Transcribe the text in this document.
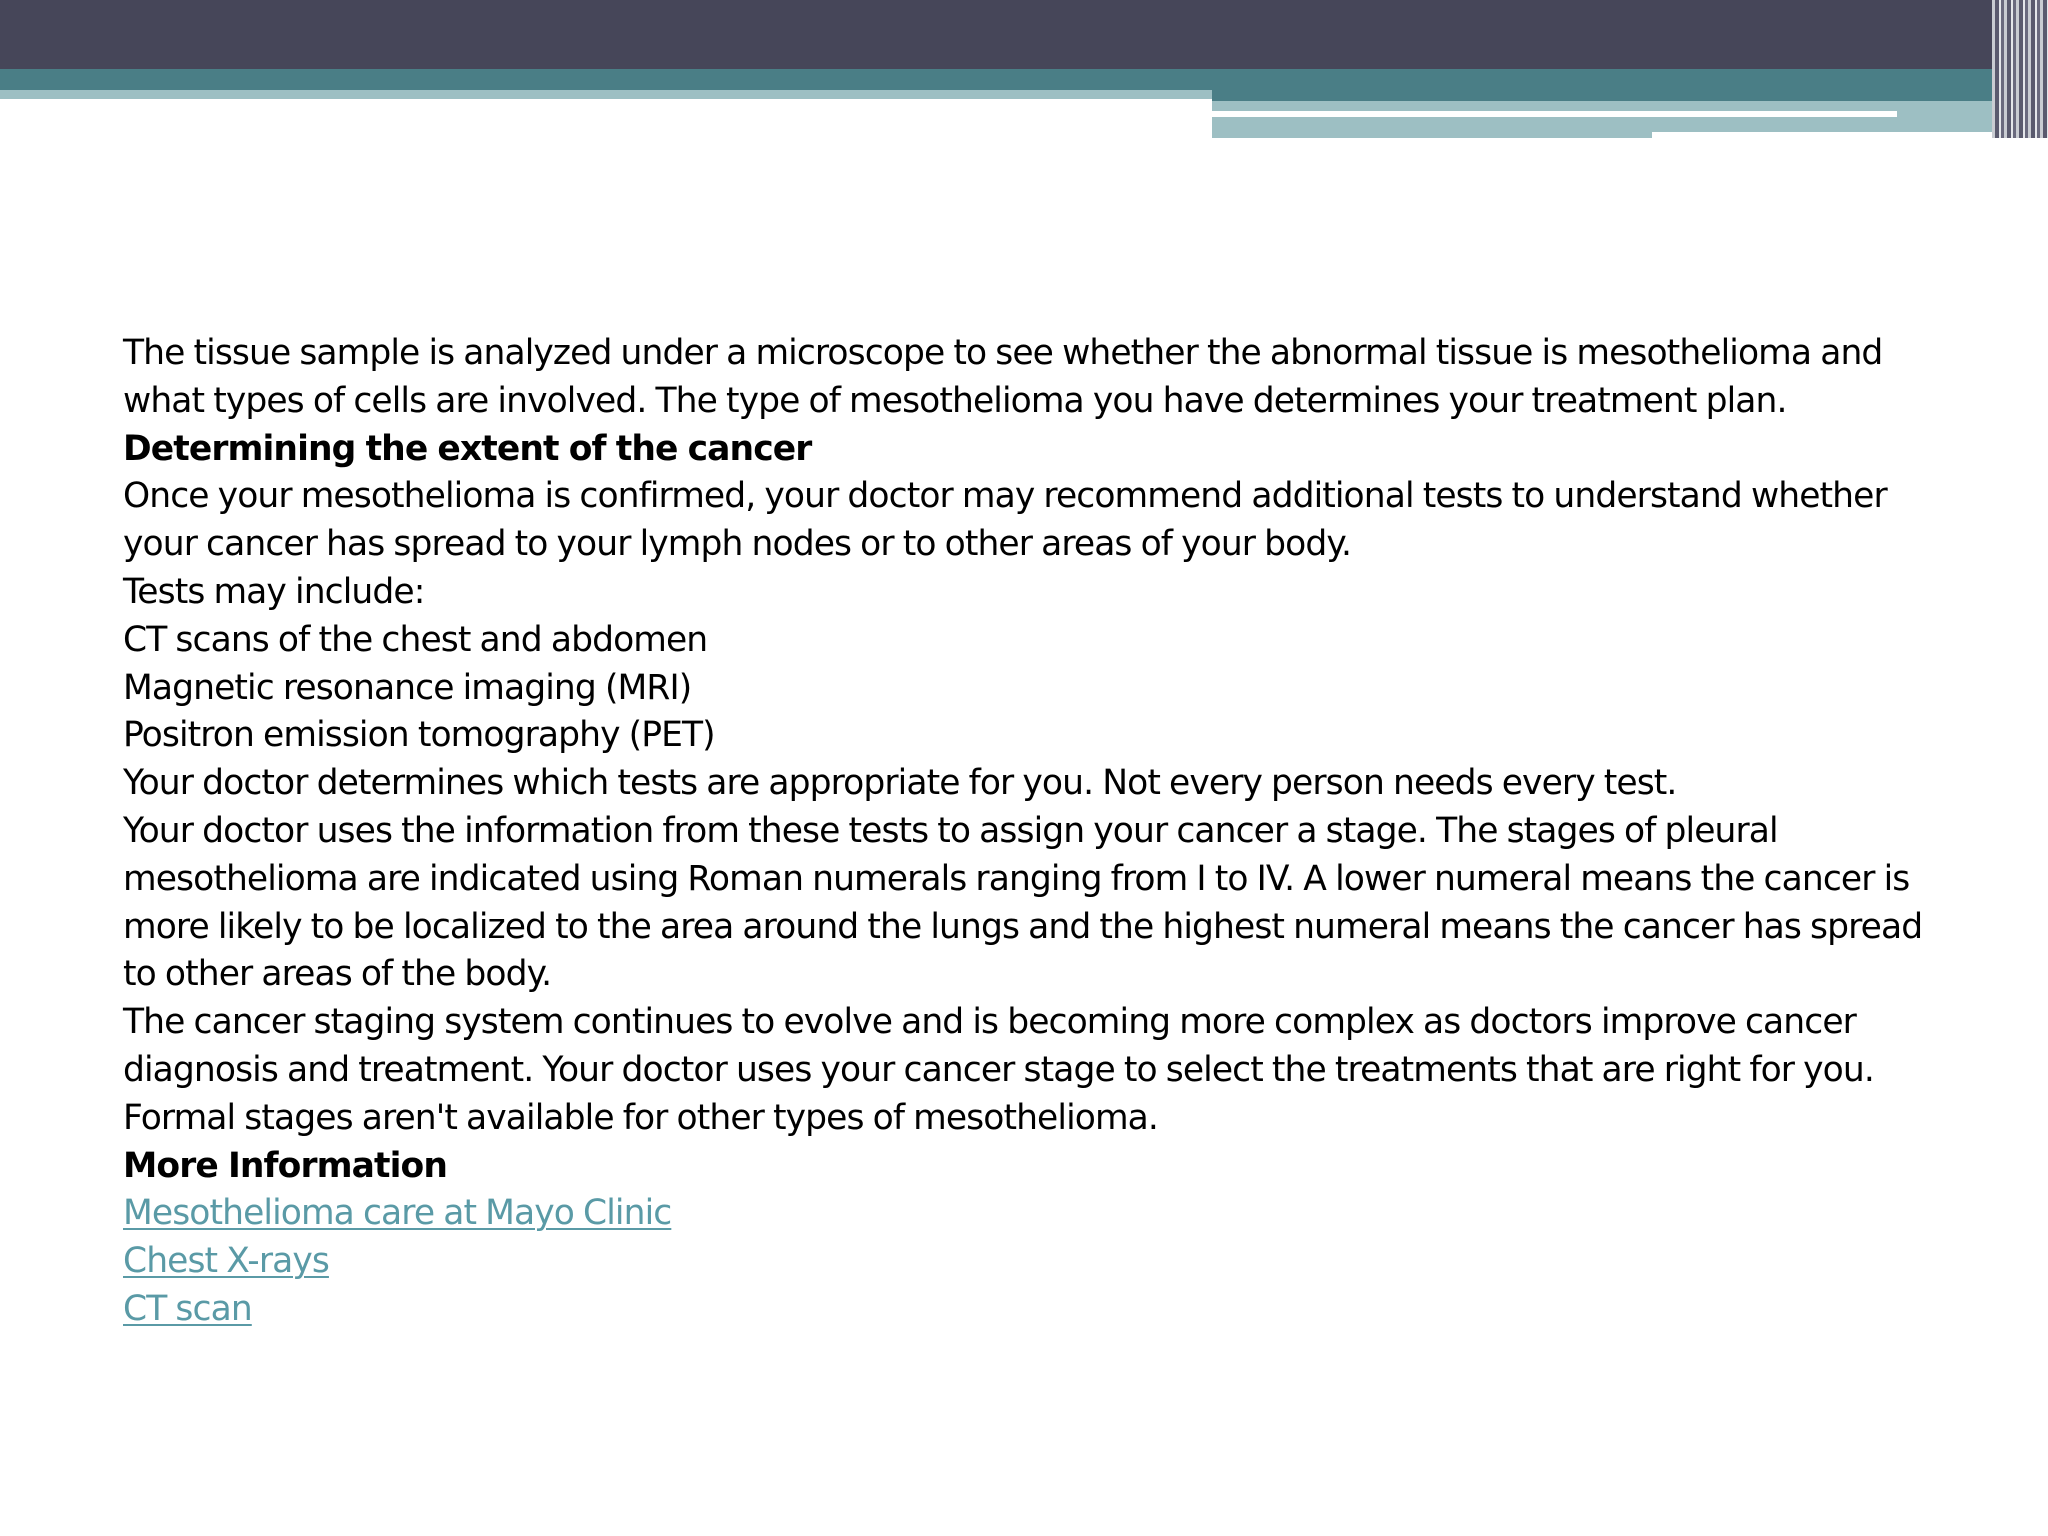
The tissue sample is analyzed under a microscope to see whether the abnormal tissue is mesothelioma and

what types of cells are involved. The type of mesothelioma you have determines your treatment plan.

Determining the extent of the cancer

Once your mesothelioma is confirmed, your doctor may recommend additional tests to understand whether

your cancer has spread to your lymph nodes or to other areas of your body.

Tests may include:

CT scans of the chest and abdomen

Magnetic resonance imaging (MRI)

Positron emission tomography (PET)

Your doctor determines which tests are appropriate for you. Not every person needs every test.

Your doctor uses the information from these tests to assign your cancer a stage. The stages of pleural

mesothelioma are indicated using Roman numerals ranging from I to IV. A lower numeral means the cancer is

more likely to be localized to the area around the lungs and the highest numeral means the cancer has spread

to other areas of the body.

The cancer staging system continues to evolve and is becoming more complex as doctors improve cancer

diagnosis and treatment. Your doctor uses your cancer stage to select the treatments that are right for you.

Formal stages aren't available for other types of mesothelioma.

More Information

Mesothelioma care at Mayo Clinic

Chest X-rays

CT scan
